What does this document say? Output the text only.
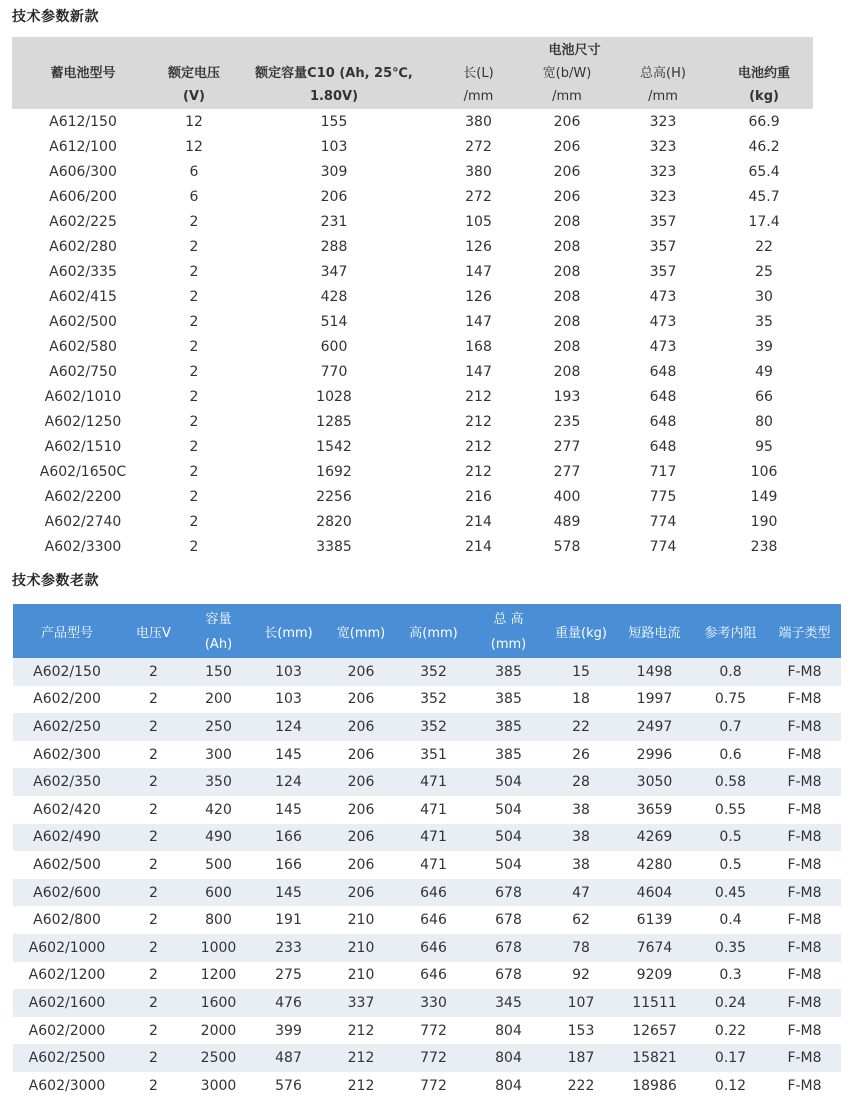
技术参数新款
			电池尺寸			
蓄电池型号	额定电压	额定容量C10 (Ah, 25℃,	长(L)	宽(b/W)	总高(H)	电池约重
	(V)	1.80V)	/mm	/mm	/mm	(kg)
A612/150	12	155	380	206	323	66.9
A612/100	12	103	272	206	323	46.2
A606/300	6	309	380	206	323	65.4
A606/200	6	206	272	206	323	45.7
A602/225	2	231	105	208	357	17.4
A602/280	2	288	126	208	357	22
A602/335	2	347	147	208	357	25
A602/415	2	428	126	208	473	30
A602/500	2	514	147	208	473	35
A602/580	2	600	168	208	473	39
A602/750	2	770	147	208	648	49
A602/1010	2	1028	212	193	648	66
A602/1250	2	1285	212	235	648	80
A602/1510	2	1542	212	277	648	95
A602/1650C	2	1692	212	277	717	106
A602/2200	2	2256	216	400	775	149
A602/2740	2	2820	214	489	774	190
A602/3300	2	3385	214	578	774	238
技术参数老款
产品型号	电压V	容量	长(mm)	宽(mm)	高(mm)	总 高	重量(kg)	短路电流	参考内阻	端子类型
		(Ah)				(mm)				
A602/150	2	150	103	206	352	385	15	1498	0.8	F-M8
A602/200	2	200	103	206	352	385	18	1997	0.75	F-M8
A602/250	2	250	124	206	352	385	22	2497	0.7	F-M8
A602/300	2	300	145	206	351	385	26	2996	0.6	F-M8
A602/350	2	350	124	206	471	504	28	3050	0.58	F-M8
A602/420	2	420	145	206	471	504	38	3659	0.55	F-M8
A602/490	2	490	166	206	471	504	38	4269	0.5	F-M8
A602/500	2	500	166	206	471	504	38	4280	0.5	F-M8
A602/600	2	600	145	206	646	678	47	4604	0.45	F-M8
A602/800	2	800	191	210	646	678	62	6139	0.4	F-M8
A602/1000	2	1000	233	210	646	678	78	7674	0.35	F-M8
A602/1200	2	1200	275	210	646	678	92	9209	0.3	F-M8
A602/1600	2	1600	476	337	330	345	107	11511	0.24	F-M8
A602/2000	2	2000	399	212	772	804	153	12657	0.22	F-M8
A602/2500	2	2500	487	212	772	804	187	15821	0.17	F-M8
A602/3000	2	3000	576	212	772	804	222	18986	0.12	F-M8
